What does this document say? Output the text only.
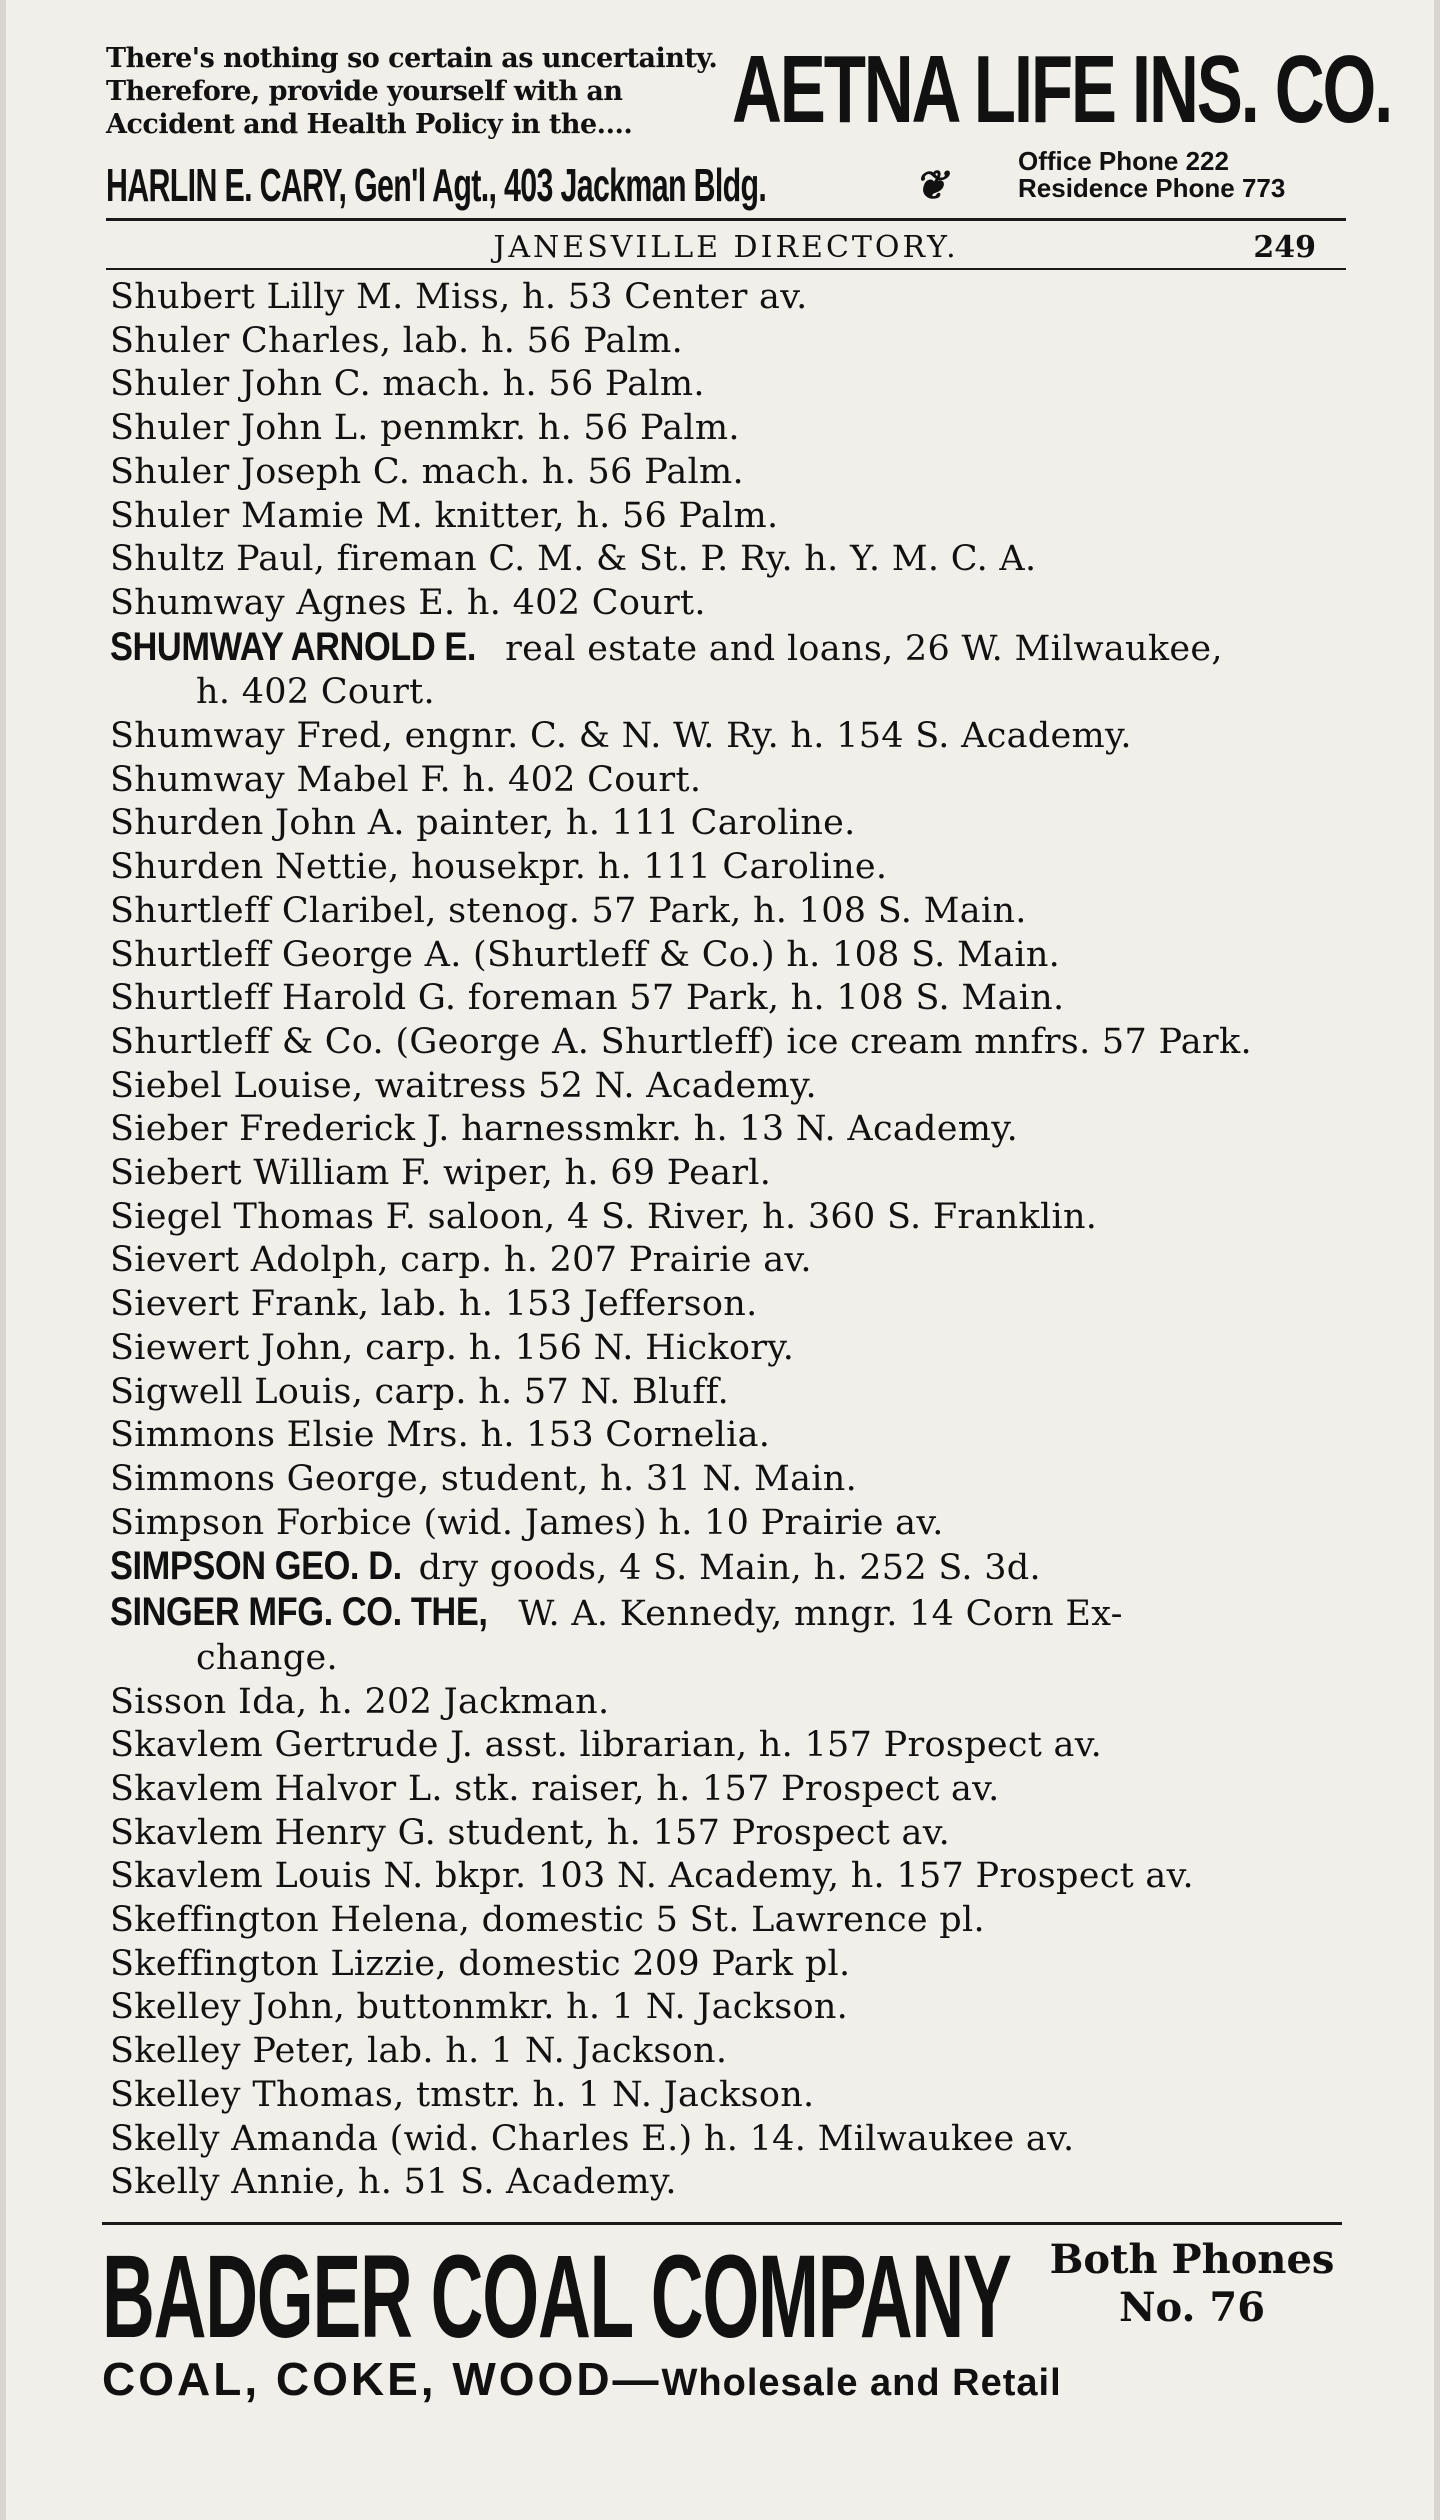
There's nothing so certain as uncertainty.
Therefore, provide yourself with an
Accident and Health Policy in the....	AETNA LIFE INS. CO.
HARLIN E. CARY, Gen'l Agt., 403 Jackman Bldg.	❦
Office Phone 222
Residence Phone 773
JANESVILLE DIRECTORY.	249
Shubert Lilly M. Miss, h. 53 Center av.
Shuler Charles, lab. h. 56 Palm.
Shuler John C. mach. h. 56 Palm.
Shuler John L. penmkr. h. 56 Palm.
Shuler Joseph C. mach. h. 56 Palm.
Shuler Mamie M. knitter, h. 56 Palm.
Shultz Paul, fireman C. M. & St. P. Ry. h. Y. M. C. A.
Shumway Agnes E. h. 402 Court.
SHUMWAY ARNOLD E. real estate and loans, 26 W. Milwaukee,
h. 402 Court.
Shumway Fred, engnr. C. & N. W. Ry. h. 154 S. Academy.
Shumway Mabel F. h. 402 Court.
Shurden John A. painter, h. 111 Caroline.
Shurden Nettie, housekpr. h. 111 Caroline.
Shurtleff Claribel, stenog. 57 Park, h. 108 S. Main.
Shurtleff George A. (Shurtleff & Co.) h. 108 S. Main.
Shurtleff Harold G. foreman 57 Park, h. 108 S. Main.
Shurtleff & Co. (George A. Shurtleff) ice cream mnfrs. 57 Park.
Siebel Louise, waitress 52 N. Academy.
Sieber Frederick J. harnessmkr. h. 13 N. Academy.
Siebert William F. wiper, h. 69 Pearl.
Siegel Thomas F. saloon, 4 S. River, h. 360 S. Franklin.
Sievert Adolph, carp. h. 207 Prairie av.
Sievert Frank, lab. h. 153 Jefferson.
Siewert John, carp. h. 156 N. Hickory.
Sigwell Louis, carp. h. 57 N. Bluff.
Simmons Elsie Mrs. h. 153 Cornelia.
Simmons George, student, h. 31 N. Main.
Simpson Forbice (wid. James) h. 10 Prairie av.
SIMPSON GEO. D. dry goods, 4 S. Main, h. 252 S. 3d.
SINGER MFG. CO. THE, W. A. Kennedy, mngr. 14 Corn Ex-
change.
Sisson Ida, h. 202 Jackman.
Skavlem Gertrude J. asst. librarian, h. 157 Prospect av.
Skavlem Halvor L. stk. raiser, h. 157 Prospect av.
Skavlem Henry G. student, h. 157 Prospect av.
Skavlem Louis N. bkpr. 103 N. Academy, h. 157 Prospect av.
Skeffington Helena, domestic 5 St. Lawrence pl.
Skeffington Lizzie, domestic 209 Park pl.
Skelley John, buttonmkr. h. 1 N. Jackson.
Skelley Peter, lab. h. 1 N. Jackson.
Skelley Thomas, tmstr. h. 1 N. Jackson.
Skelly Amanda (wid. Charles E.) h. 14. Milwaukee av.
Skelly Annie, h. 51 S. Academy.
BADGER COAL COMPANY Both Phones
No. 76
COAL, COKE, WOOD—Wholesale and Retail
